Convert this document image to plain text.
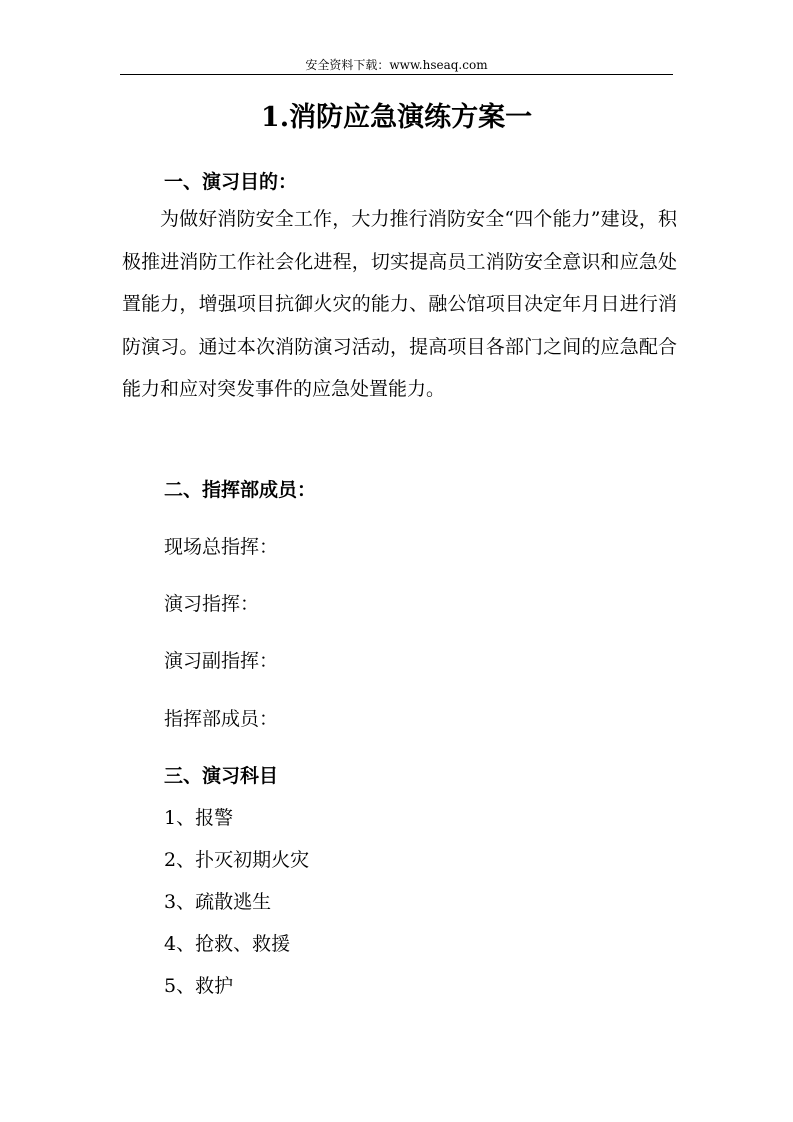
安全资料下载：www.hseaq.com
1.消防应急演练方案一
一、演习目的：

为做好消防安全工作，大力推行消防安全“四个能力”建设，积极推进消防工作社会化进程，切实提高员工消防安全意识和应急处置能力，增强项目抗御火灾的能力、融公馆项目决定年月日进行消防演习。通过本次消防演习活动，提高项目各部门之间的应急配合能力和应对突发事件的应急处置能力。

二、指挥部成员：
现场总指挥：
演习指挥：
演习副指挥：
指挥部成员：
三、演习科目
1、报警
2、扑灭初期火灾
3、疏散逃生
4、抢救、救援
5、救护
